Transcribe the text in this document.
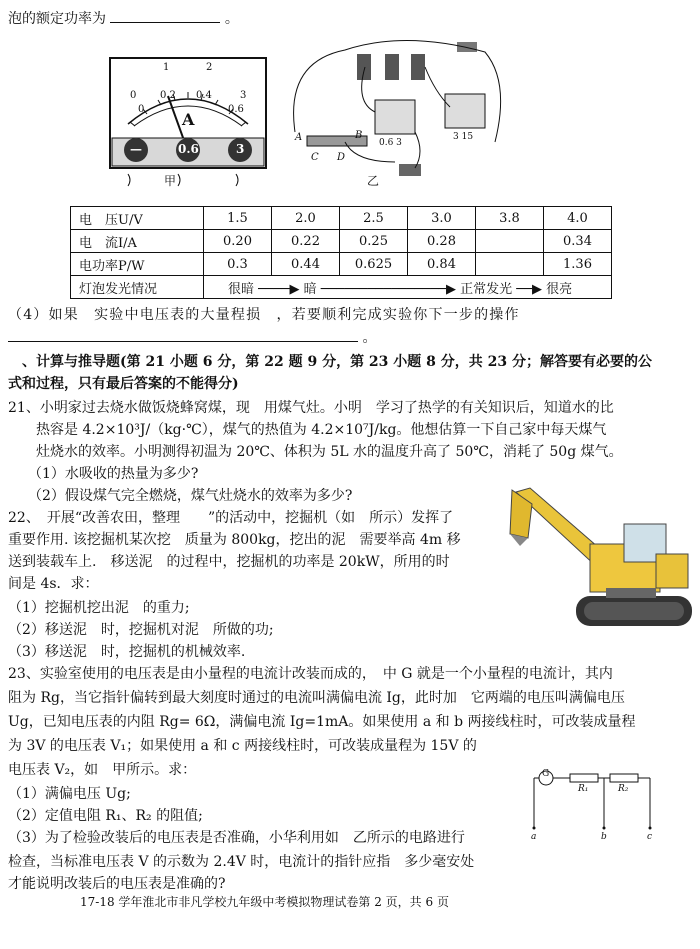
泡的额定功率为	。
1	2
0	3
0
0.2 0.4
0.6
A
—	0.6	3
甲
A	B
C D
0.6 3
3 15
乙
电　压U/V	1.5	2.0	2.5	3.0	3.8	4.0
电　流I/A	0.20	0.22	0.25	0.28		0.34
电功率P/W	0.3	0.44	0.625	0.84		1.36
灯泡发光情况	很暗 ────▶ 暗 ────────────────▶ 正常发光 ──▶ 很亮					
（4）如果　实验中电压表的大量程损　，若要顺利完成实验你下一步的操作
。
、计算与推导题(第 21 小题 6 分，第 22 题 9 分，第 23 小题 8 分，共 23 分；解答要有必要的公
式和过程，只有最后答案的不能得分)
21、小明家过去烧水做饭烧蜂窝煤，现　用煤气灶。小明　学习了热学的有关知识后，知道水的比
热容是 4.2×10³J/（kg·℃），煤气的热值为 4.2×10⁷J/kg。他想估算一下自己家中每天煤气
灶烧水的效率。小明测得初温为 20℃、体积为 5L 水的温度升高了 50℃，消耗了 50g 煤气。
（1）水吸收的热量为多少?
（2）假设煤气完全燃烧，煤气灶烧水的效率为多少?
22、　开展“改善农田，整理　　”的活动中，挖掘机（如　所示）发挥了
重要作用. 该挖掘机某次挖　质量为 800kg，挖出的泥　需要举高 4m 移
送到装载车上.　移送泥　的过程中，挖掘机的功率是 20kW，所用的时
间是 4s．求：
（1）挖掘机挖出泥　的重力;
（2）移送泥　时，挖掘机对泥　所做的功;
（3）移送泥　时，挖掘机的机械效率.
23、实验室使用的电压表是由小量程的电流计改装而成的，　中 G 就是一个小量程的电流计，其内
阻为 Rg，当它指针偏转到最大刻度时通过的电流叫满偏电流 Ig，此时加　它两端的电压叫满偏电压
Ug，已知电压表的内阻 Rg= 6Ω，满偏电流 Ig=1mA。如果使用 a 和 b 两接线柱时，可改装成量程
为 3V 的电压表 V₁；如果使用 a 和 c 两接线柱时，可改装成量程为 15V 的
电压表 V₂，如　甲所示。求：
（1）满偏电压 Ug;
（2）定值电阻 R₁、R₂ 的阻值;
（3）为了检验改装后的电压表是否准确，小华利用如　乙所示的电路进行
检查，当标准电压表 V 的示数为 2.4V 时，电流计的指针应指　多少毫安处
才能说明改装后的电压表是准确的?
G
R₁	R₂
a	b	c
17-18 学年淮北市非凡学校九年级中考模拟物理试卷第 2 页，共 6 页
